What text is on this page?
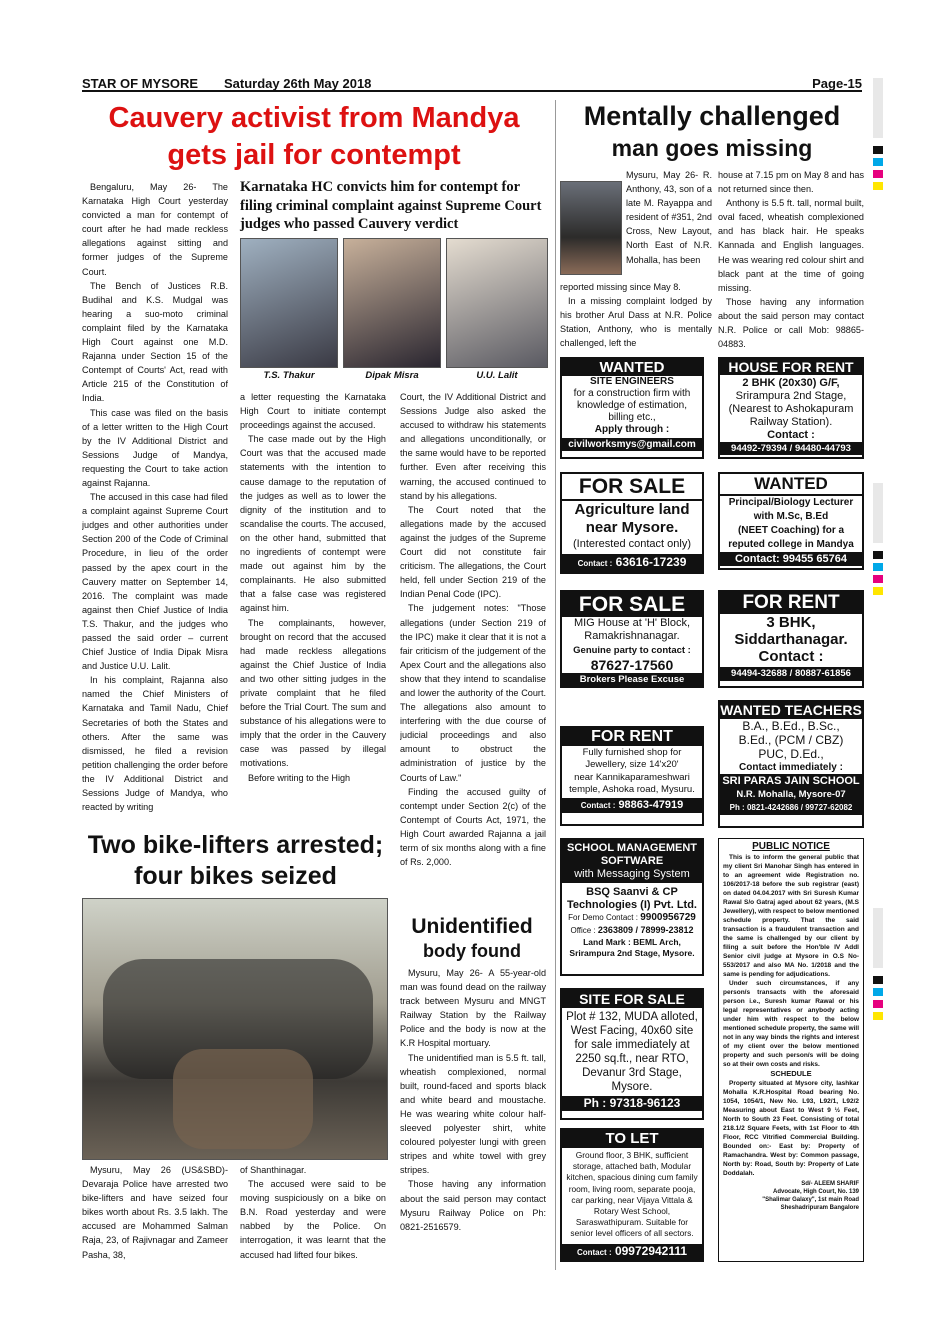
STAR OF MYSORE Saturday 26th May 2018	Page-15
Cauvery activist from Mandya
gets jail for contempt

Bengaluru, May 26- The Karnataka High Court yesterday convicted a man for contempt of court after he had made reckless allegations against sitting and former judges of the Supreme Court.

The Bench of Justices R.B. Budihal and K.S. Mudgal was hearing a suo-moto criminal complaint filed by the Karnataka High Court against one M.D. Rajanna under Section 15 of the Contempt of Courts' Act, read with Article 215 of the Constitution of India.

This case was filed on the basis of a letter written to the High Court by the IV Additional District and Sessions Judge of Mandya, requesting the Court to take action against Rajanna.

The accused in this case had filed a complaint against Supreme Court judges and other authorities under Section 200 of the Code of Criminal Procedure, in lieu of the order passed by the apex court in the Cauvery matter on September 14, 2016. The complaint was made against then Chief Justice of India T.S. Thakur, and the judges who passed the said order – current Chief Justice of India Dipak Misra and Justice U.U. Lalit.

In his complaint, Rajanna also named the Chief Ministers of Karnataka and Tamil Nadu, Chief Secretaries of both the States and others. After the same was dismissed, he filed a revision petition challenging the order before the IV Additional District and Sessions Judge of Mandya, who reacted by writing

Karnataka HC convicts him for contempt for filing criminal complaint against Supreme Court judges who passed Cauvery verdict
T.S. Thakur	Dipak Misra	U.U. Lalit

a letter requesting the Karnataka High Court to initiate contempt proceedings against the accused.

The case made out by the High Court was that the accused made statements with the intention to cause damage to the reputation of the judges as well as to lower the dignity of the institution and to scandalise the courts. The accused, on the other hand, submitted that no ingredients of contempt were made out against him by the complainants. He also submitted that a false case was registered against him.

The complainants, however, brought on record that the accused had made reckless allegations against the Chief Justice of India and two other sitting judges in the private complaint that he filed before the Trial Court. The sum and substance of his allegations were to imply that the order in the Cauvery case was passed by illegal motivations.

Before writing to the High

Court, the IV Additional District and Sessions Judge also asked the accused to withdraw his statements and allegations unconditionally, or the same would have to be reported further. Even after receiving this warning, the accused continued to stand by his allegations.

The Court noted that the allegations made by the accused against the judges of the Supreme Court did not constitute fair criticism. The allegations, the Court held, fell under Section 219 of the Indian Penal Code (IPC).

The judgement notes: "Those allegations (under Section 219 of the IPC) make it clear that it is not a fair criticism of the judgement of the Apex Court and the allegations also show that they intend to scandalise and lower the authority of the Court. The allegations also amount to interfering with the due course of judicial proceedings and also amount to obstruct the administration of justice by the Courts of Law."

Finding the accused guilty of contempt under Section 2(c) of the Contempt of Courts Act, 1971, the High Court awarded Rajanna a jail term of six months along with a fine of Rs. 2,000.

Two bike-lifters arrested;
four bikes seized

Mysuru, May 26 (US&SBD)- Devaraja Police have arrested two bike-lifters and have seized four bikes worth about Rs. 3.5 lakh. The accused are Mohammed Salman Raja, 23, of Rajivnagar and Zameer Pasha, 38,

of Shanthinagar.

The accused were said to be moving suspiciously on a bike on B.N. Road yesterday and were nabbed by the Police. On interrogation, it was learnt that the accused had lifted four bikes.

Unidentified
body found

Mysuru, May 26- A 55-year-old man was found dead on the railway track between Mysuru and MNGT Railway Station by the Railway Police and the body is now at the K.R Hospital mortuary.

The unidentified man is 5.5 ft. tall, wheatish complexioned, normal built, round-faced and sports black and white beard and moustache. He was wearing white colour half-sleeved polyester shirt, white coloured polyester lungi with green stripes and white towel with grey stripes.

Those having any information about the said person may contact Mysuru Railway Police on Ph: 0821-2516579.

Mentally challenged
man goes missing

Mysuru, May 26- R. Anthony, 43, son of a late M. Rayappa and resident of #351, 2nd Cross, New Layout, North East of N.R. Mohalla, has been

reported missing since May 8.

In a missing complaint lodged by his brother Arul Dass at N.R. Police Station, Anthony, who is mentally challenged, left the

house at 7.15 pm on May 8 and has not returned since then.

Anthony is 5.5 ft. tall, normal built, oval faced, wheatish complexioned and has black hair. He speaks Kannada and English languages. He was wearing red colour shirt and black pant at the time of going missing.

Those having any information about the said person may contact N.R. Police or call Mob: 98865-04883.

WANTED
SITE ENGINEERS
for a construction firm with knowledge of estimation, billing etc.,
Apply through :
civilworksmys@gmail.com
FOR SALE
Agriculture land near Mysore.
(Interested contact only)
Contact : 63616-17239
FOR SALE
MIG House at 'H' Block, Ramakrishnanagar.
Genuine party to contact :
87627-17560
Brokers Please Excuse
FOR RENT
Fully furnished shop for Jewellery, size 14'x20'
near Kannikaparameshwari temple, Ashoka road, Mysuru.
Contact : 98863-47919
SCHOOL MANAGEMENT
SOFTWARE
with Messaging System
BSQ Saanvi & CP Technologies (I) Pvt. Ltd.
For Demo Contact : 9900956729
Office : 2363809 / 78999-23812
Land Mark : BEML Arch, Srirampura 2nd Stage, Mysore.
SITE FOR SALE
Plot # 132, MUDA alloted, West Facing, 40x60 site for sale immediately at 2250 sq.ft., near RTO, Devanur 3rd Stage, Mysore.
Ph : 97318-96123
TO LET
Ground floor, 3 BHK, sufficient storage, attached bath, Modular kitchen, spacious dining cum family room, living room, separate pooja, car parking, near Vijaya Vittala & Rotary West School, Saraswathipuram. Suitable for senior level officers of all sectors.
Contact : 09972942111
HOUSE FOR RENT
2 BHK (20x30) G/F,
Srirampura 2nd Stage,
(Nearest to Ashokapuram Railway Station).
Contact :
94492-79394 / 94480-44793
WANTED
Principal/Biology Lecturer with M.Sc, B.Ed
(NEET Coaching) for a reputed college in Mandya
Contact: 99455 65764
FOR RENT
3 BHK,
Siddarthanagar.
Contact :
94494-32688 / 80887-61856
WANTED TEACHERS
B.A., B.Ed., B.Sc.,
B.Ed., (PCM / CBZ)
PUC, D.Ed.,
Contact immediately :
SRI PARAS JAIN SCHOOL
N.R. Mohalla, Mysore-07
Ph : 0821-4242686 / 99727-62082
PUBLIC NOTICE
This is to inform the general public that my client Sri Manohar Singh has entered in to an agreement wide Registration no. 106/2017-18 before the sub registrar (east) on dated 04.04.2017 with Sri Suresh Kumar Rawal S/o Gatraj aged about 62 years, (M.S Jewellery), with respect to below mentioned schedule property. That the said transaction is a fraudulent transaction and the same is challenged by our client by filing a suit before the Hon'ble IV Addl Senior civil judge at Mysore in O.S No-553/2017 and also MA No. 1/2018 and the same is pending for adjudications.
Under such circumstances, if any person/s transacts with the aforesaid person i.e., Suresh kumar Rawal or his legal representatives or anybody acting under him with respect to the below mentioned schedule property, the same will not in any way binds the rights and interest of my client over the below mentioned property and such person/s will be doing so at their own costs and risks.
SCHEDULE
Property situated at Mysore city, lashkar Mohalla K.R.Hospital Road bearing No. 1054, 1054/1, New No. L93, L92/1, L92/2 Measuring about East to West 9 ½ Feet, North to South 23 Feet. Consisting of total 218.1/2 Square Feets, with 1st Floor to 4th Floor, RCC Vitrified Commercial Building. Bounded on:- East by: Property of Ramachandra. West by: Common passage, North by: Road, South by: Property of Late Doddalah.
Sd/- ALEEM SHARIF
Advocate, High Court, No. 139
"Shalimar Galaxy", 1st main Road
Sheshadripuram Bangalore
